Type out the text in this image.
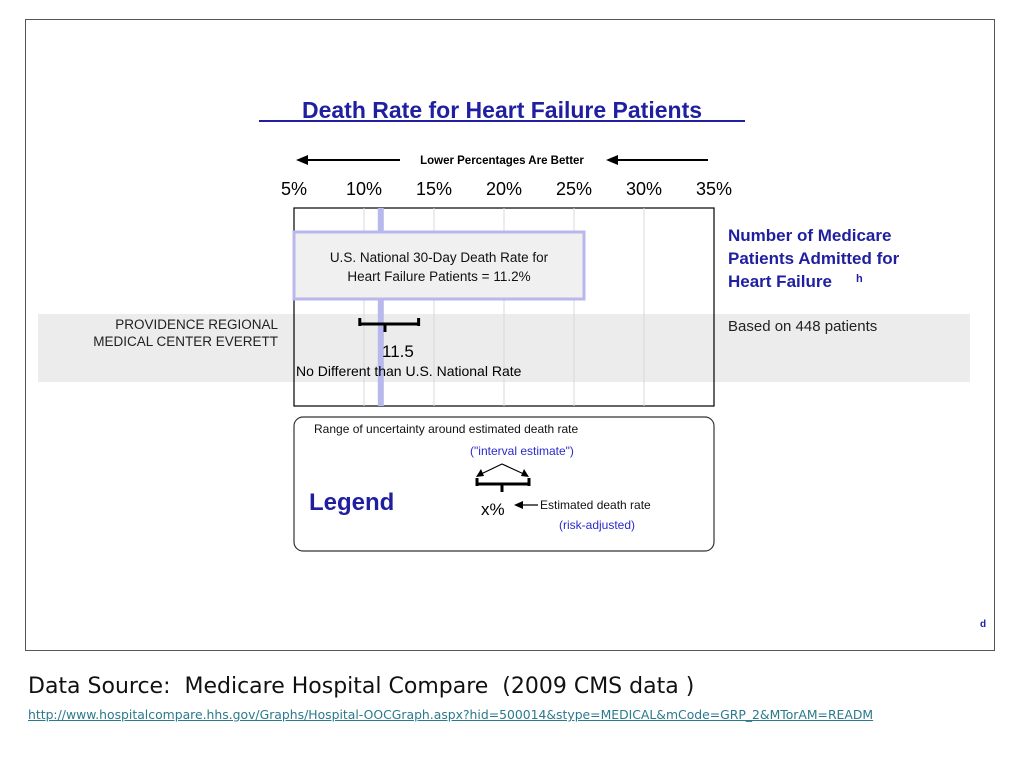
Death Rate for Heart Failure Patients
Lower Percentages Are Better
5% 10% 15% 20% 25% 30% 35%
U.S. National 30-Day Death Rate for
Heart Failure Patients = 11.2%
PROVIDENCE REGIONAL
MEDICAL CENTER EVERETT
11.5
No Different than U.S. National Rate
Number of Medicare
Patients Admitted for
Heart Failure h
Based on 448 patients
Range of uncertainty around estimated death rate
("interval estimate")
Legend	x%	Estimated death rate
(risk-adjusted)
d
Data Source:  Medicare Hospital Compare  (2009 CMS data )
http://www.hospitalcompare.hhs.gov/Graphs/Hospital-OOCGraph.aspx?hid=500014&stype=MEDICAL&mCode=GRP_2&MTorAM=READM
